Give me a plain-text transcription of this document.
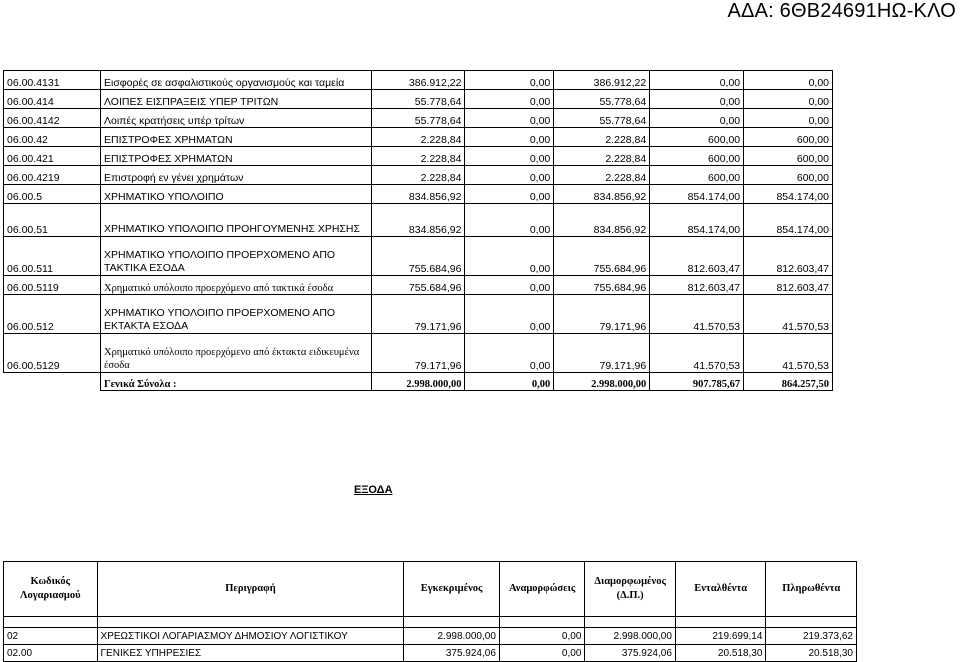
ΑΔΑ: 6ΘΒ24691ΗΩ-ΚΛΟ
06.00.4131	Εισφορές σε ασφαλιστικούς οργανισμούς και ταμεία	386.912,22	0,00	386.912,22	0,00	0,00
06.00.414	ΛΟΙΠΕΣ ΕΙΣΠΡΑΞΕΙΣ ΥΠΕΡ ΤΡΙΤΩΝ	55.778,64	0,00	55.778,64	0,00	0,00
06.00.4142	Λοιπές κρατήσεις υπέρ τρίτων	55.778,64	0,00	55.778,64	0,00	0,00
06.00.42	ΕΠΙΣΤΡΟΦΕΣ ΧΡΗΜΑΤΩΝ	2.228,84	0,00	2.228,84	600,00	600,00
06.00.421	ΕΠΙΣΤΡΟΦΕΣ ΧΡΗΜΑΤΩΝ	2.228,84	0,00	2.228,84	600,00	600,00
06.00.4219	Επιστροφή εν γένει χρημάτων	2.228,84	0,00	2.228,84	600,00	600,00
06.00.5	ΧΡΗΜΑΤΙΚΟ ΥΠΟΛΟΙΠΟ	834.856,92	0,00	834.856,92	854.174,00	854.174,00
06.00.51	ΧΡΗΜΑΤΙΚΟ ΥΠΟΛΟΙΠΟ ΠΡΟΗΓΟΥΜΕΝΗΣ ΧΡΗΣΗΣ	834.856,92	0,00	834.856,92	854.174,00	854.174,00
06.00.511	ΧΡΗΜΑΤΙΚΟ ΥΠΟΛΟΙΠΟ ΠΡΟΕΡΧΟΜΕΝΟ ΑΠΟ ΤΑΚΤΙΚΑ ΕΣΟΔΑ	755.684,96	0,00	755.684,96	812.603,47	812.603,47
06.00.5119	Χρηματικό υπόλοιπο προερχόμενο από τακτικά έσοδα	755.684,96	0,00	755.684,96	812.603,47	812.603,47
06.00.512	ΧΡΗΜΑΤΙΚΟ ΥΠΟΛΟΙΠΟ ΠΡΟΕΡΧΟΜΕΝΟ ΑΠΟ ΕΚΤΑΚΤΑ ΕΣΟΔΑ	79.171,96	0,00	79.171,96	41.570,53	41.570,53
06.00.5129	Χρηματικό υπόλοιπο προερχόμενο από έκτακτα ειδικευμένα έσοδα	79.171,96	0,00	79.171,96	41.570,53	41.570,53
	Γενικά Σύνολα :	2.998.000,00	0,00	2.998.000,00	907.785,67	864.257,50
ΕΞΟΔΑ
Κωδικός Λογαριασμού	Περιγραφή	Εγκεκριμένος	Αναμορφώσεις	Διαμορφωμένος (Δ.Π.)	Ενταλθέντα	Πληρωθέντα

02	ΧΡΕΩΣΤΙΚΟΙ ΛΟΓΑΡΙΑΣΜΟΥ ΔΗΜΟΣΙΟΥ ΛΟΓΙΣΤΙΚΟΥ	2.998.000,00	0,00	2.998.000,00	219.699,14	219.373,62
02.00	ΓΕΝΙΚΕΣ ΥΠΗΡΕΣΙΕΣ	375.924,06	0,00	375.924,06	20.518,30	20.518,30
